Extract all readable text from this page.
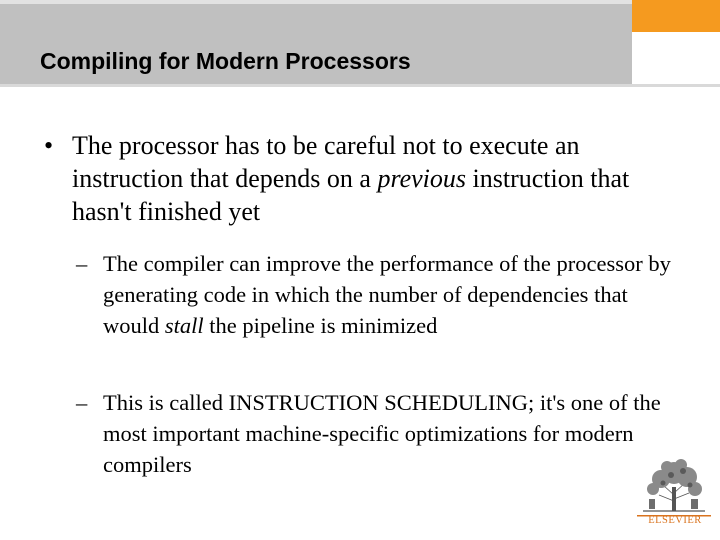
Compiling for Modern Processors
• The processor has to be careful not to execute an instruction that depends on a previous instruction that hasn't finished yet
– The compiler can improve the performance of the processor by generating code in which the number of dependencies that would stall the pipeline is minimized
– This is called INSTRUCTION SCHEDULING; it's one of the most important machine-specific optimizations for modern compilers
ELSEVIER
